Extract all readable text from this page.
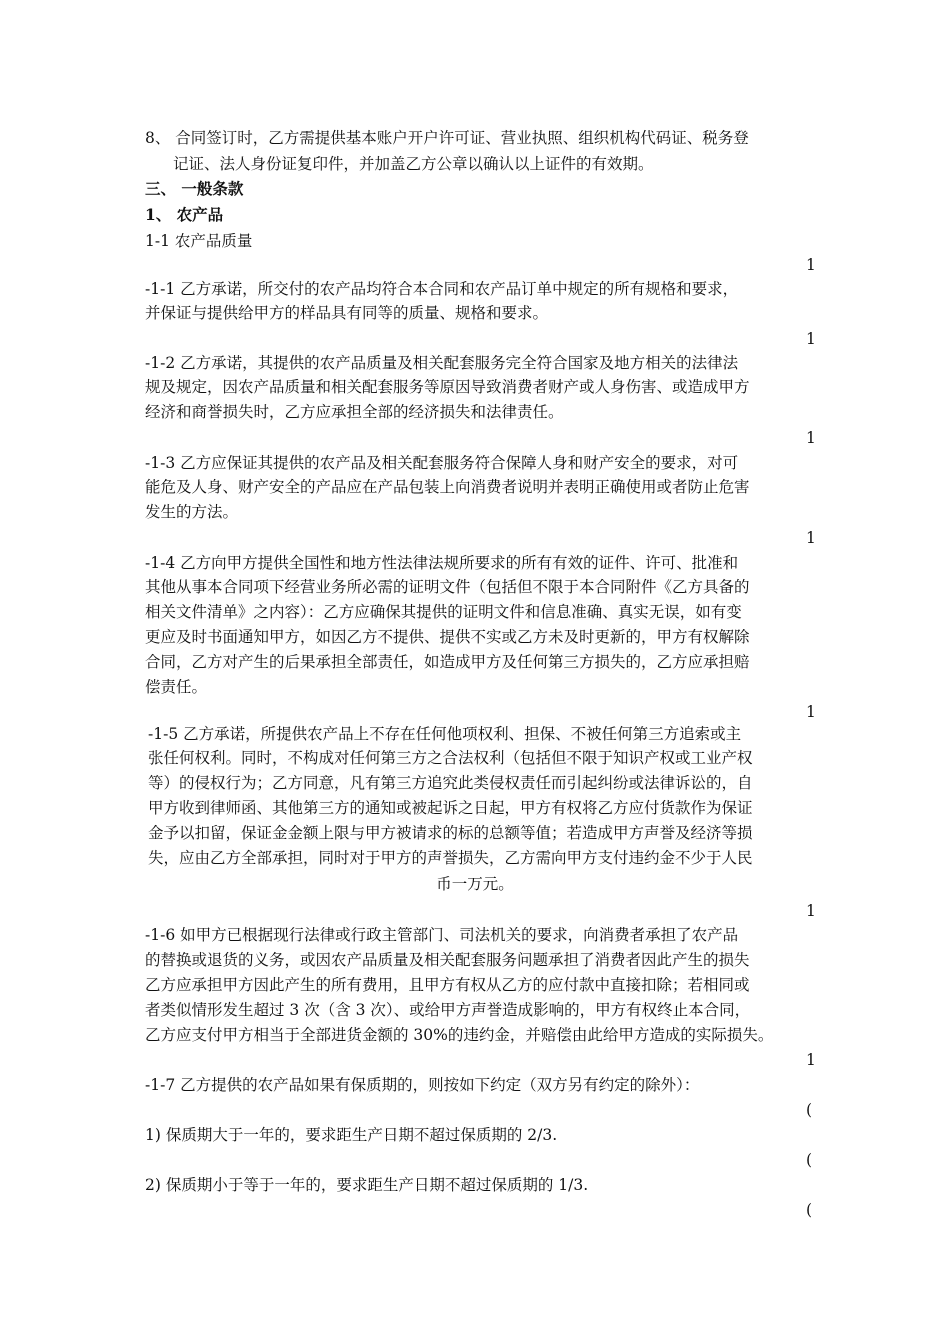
8、 合同签订时，乙方需提供基本账户开户许可证、营业执照、组织机构代码证、税务登
记证、法人身份证复印件，并加盖乙方公章以确认以上证件的有效期。
三、 一般条款
1、 农产品
1-1 农产品质量
1
-1-1 乙方承诺，所交付的农产品均符合本合同和农产品订单中规定的所有规格和要求，
并保证与提供给甲方的样品具有同等的质量、规格和要求。
1
-1-2 乙方承诺，其提供的农产品质量及相关配套服务完全符合国家及地方相关的法律法
规及规定，因农产品质量和相关配套服务等原因导致消费者财产或人身伤害、或造成甲方
经济和商誉损失时，乙方应承担全部的经济损失和法律责任。
1
-1-3 乙方应保证其提供的农产品及相关配套服务符合保障人身和财产安全的要求，对可
能危及人身、财产安全的产品应在产品包装上向消费者说明并表明正确使用或者防止危害
发生的方法。
1
-1-4 乙方向甲方提供全国性和地方性法律法规所要求的所有有效的证件、许可、批准和
其他从事本合同项下经营业务所必需的证明文件（包括但不限于本合同附件《乙方具备的
相关文件清单》之内容）：乙方应确保其提供的证明文件和信息准确、真实无误，如有变
更应及时书面通知甲方，如因乙方不提供、提供不实或乙方未及时更新的，甲方有权解除
合同，乙方对产生的后果承担全部责任，如造成甲方及任何第三方损失的，乙方应承担赔
偿责任。
1
-1-5 乙方承诺，所提供农产品上不存在任何他项权利、担保、不被任何第三方追索或主
张任何权利。同时，不构成对任何第三方之合法权利（包括但不限于知识产权或工业产权
等）的侵权行为；乙方同意，凡有第三方追究此类侵权责任而引起纠纷或法律诉讼的，自
甲方收到律师函、其他第三方的通知或被起诉之日起，甲方有权将乙方应付货款作为保证
金予以扣留，保证金金额上限与甲方被请求的标的总额等值；若造成甲方声誉及经济等损
失，应由乙方全部承担，同时对于甲方的声誉损失，乙方需向甲方支付违约金不少于人民
币一万元。
1
-1-6 如甲方已根据现行法律或行政主管部门、司法机关的要求，向消费者承担了农产品
的替换或退货的义务，或因农产品质量及相关配套服务问题承担了消费者因此产生的损失
乙方应承担甲方因此产生的所有费用，且甲方有权从乙方的应付款中直接扣除；若相同或
者类似情形发生超过 3 次（含 3 次）、或给甲方声誉造成影响的，甲方有权终止本合同，
乙方应支付甲方相当于全部进货金额的 30%的违约金，并赔偿由此给甲方造成的实际损失。
1
-1-7 乙方提供的农产品如果有保质期的，则按如下约定（双方另有约定的除外）：
(
1) 保质期大于一年的，要求距生产日期不超过保质期的 2/3.
(
2) 保质期小于等于一年的，要求距生产日期不超过保质期的 1/3.
(
